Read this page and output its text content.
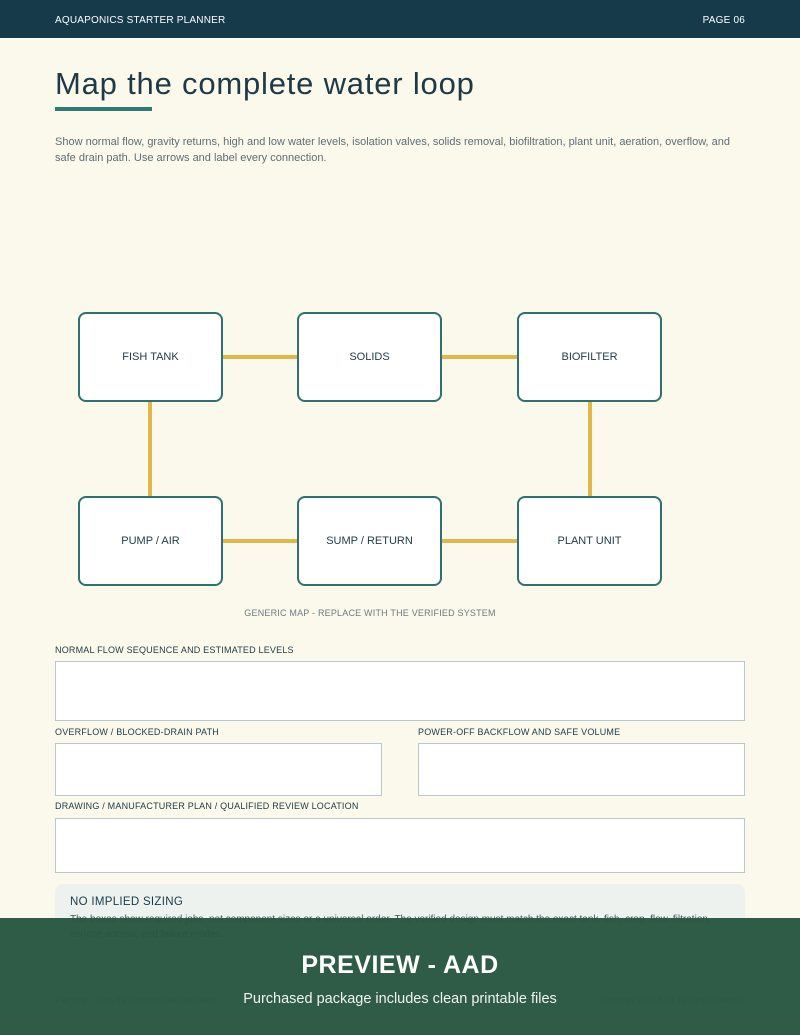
AQUAPONICS STARTER PLANNER	PAGE 06
Map the complete water loop

Show normal flow, gravity returns, high and low water levels, isolation valves, solids removal, biofiltration, plant unit, aeration, overflow, and safe drain path. Use arrows and label every connection.

FISH TANK	SOLIDS	BIOFILTER
PUMP / AIR	SUMP / RETURN	PLANT UNIT
GENERIC MAP - REPLACE WITH THE VERIFIED SYSTEM
NORMAL FLOW SEQUENCE AND ESTIMATED LEVELS
OVERFLOW / BLOCKED-DRAIN PATH	POWER-OFF BACKFLOW AND SAFE VOLUME
DRAWING / MANUFACTURER PLAN / QUALIFIED REVIEW LOCATION
NO IMPLIED SIZING
PREVIEW - AAD
Purchased package includes clean printable files
